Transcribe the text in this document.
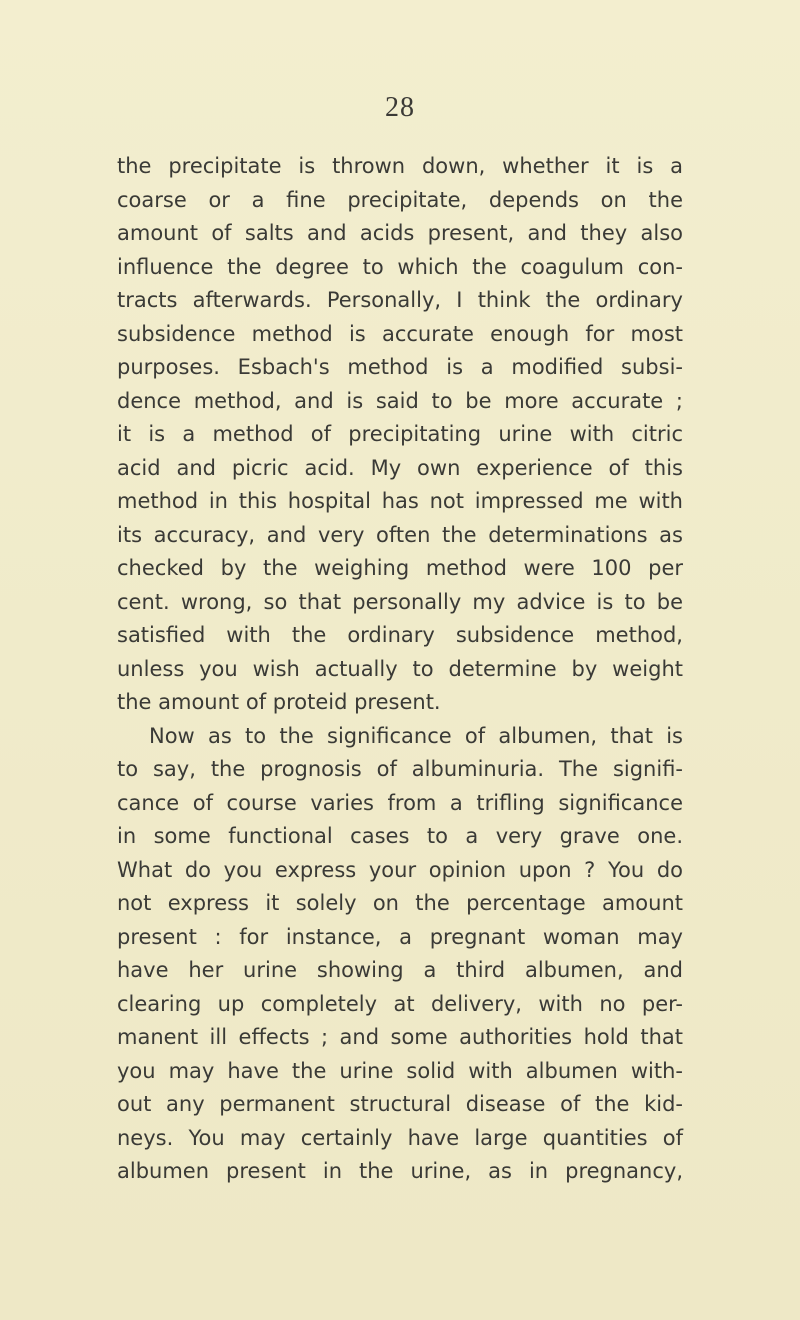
28
the precipitate is thrown down, whether it is a
coarse or a fine precipitate, depends on the
amount of salts and acids present, and they also
influence the degree to which the coagulum con-
tracts afterwards. Personally, I think the ordinary
subsidence method is accurate enough for most
purposes. Esbach's method is a modified subsi-
dence method, and is said to be more accurate ;
it is a method of precipitating urine with citric
acid and picric acid. My own experience of this
method in this hospital has not impressed me with
its accuracy, and very often the determinations as
checked by the weighing method were 100 per
cent. wrong, so that personally my advice is to be
satisfied with the ordinary subsidence method,
unless you wish actually to determine by weight
the amount of proteid present.
Now as to the significance of albumen, that is
to say, the prognosis of albuminuria. The signifi-
cance of course varies from a trifling significance
in some functional cases to a very grave one.
What do you express your opinion upon ? You do
not express it solely on the percentage amount
present : for instance, a pregnant woman may
have her urine showing a third albumen, and
clearing up completely at delivery, with no per-
manent ill effects ; and some authorities hold that
you may have the urine solid with albumen with-
out any permanent structural disease of the kid-
neys. You may certainly have large quantities of
albumen present in the urine, as in pregnancy,
